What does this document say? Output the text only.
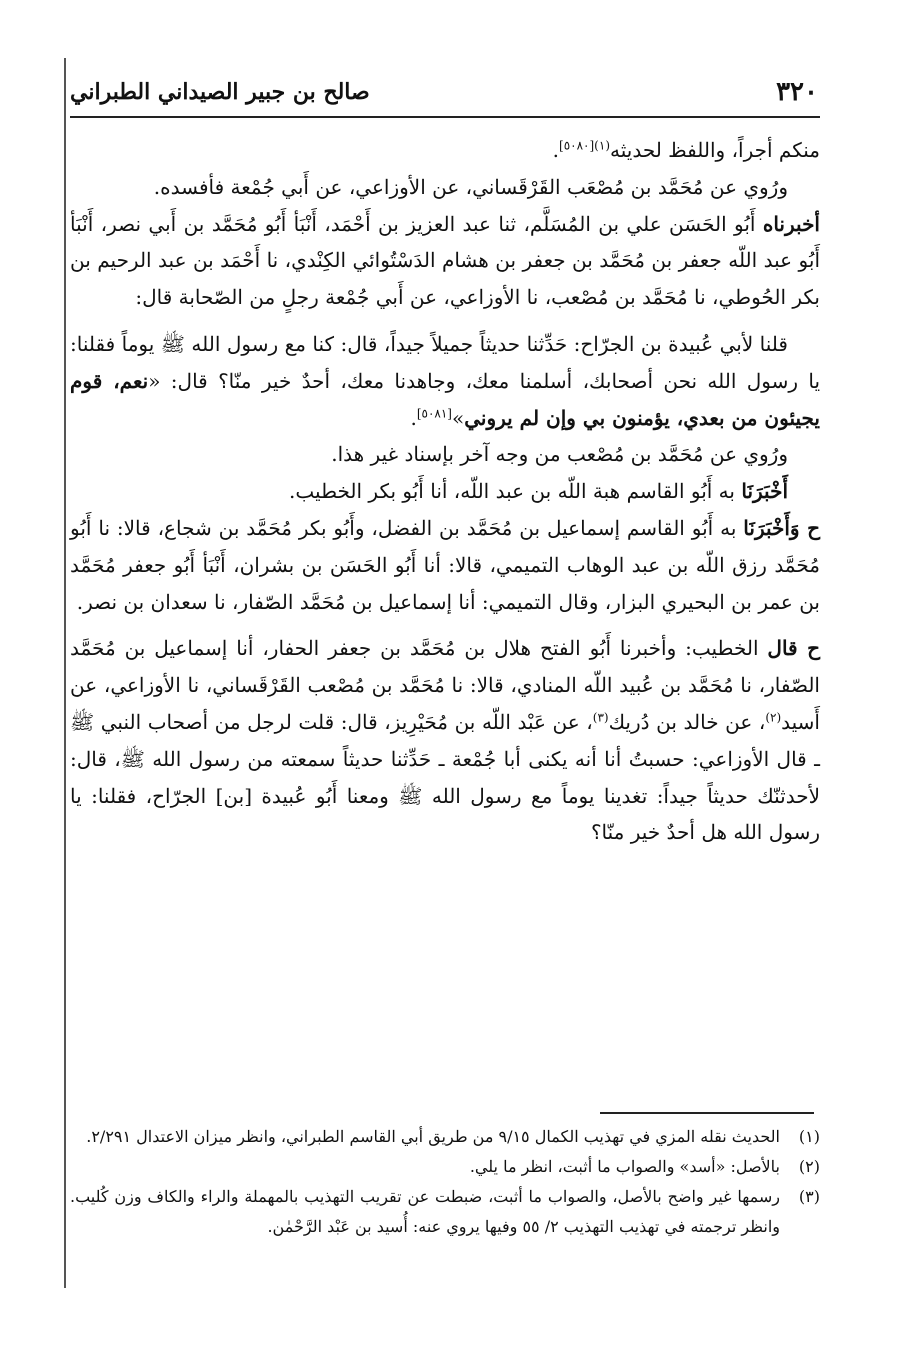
٣٢٠
صالح بن جبير الصيداني الطبراني

منكم أجراً، واللفظ لحديثه$^{(١)[٥٠٨٠]}$.

ورُوي عن مُحَمَّد بن مُصْعَب القَرْقَساني، عن الأوزاعي، عن أَبي جُمْعة فأفسده.

أخبرناه أَبُو الحَسَن علي بن المُسَلَّم، ثنا عبد العزيز بن أَحْمَد، أَنْبَأ أَبُو مُحَمَّد بن أَبي نصر، أَنْبَأ أَبُو عبد اللّه جعفر بن مُحَمَّد بن جعفر بن هشام الدَسْتُوائي الكِنْدي، نا أَحْمَد بن عبد الرحيم بن بكر الحُوطي، نا مُحَمَّد بن مُصْعب، نا الأوزاعي، عن أَبي جُمْعة رجلٍ من الصّحابة قال:

قلنا لأبي عُبيدة بن الجرّاح: حَدِّثنا حديثاً جميلاً جيداً، قال: كنا مع رسول الله ﷺ يوماً فقلنا: يا رسول الله نحن أصحابك، أسلمنا معك، وجاهدنا معك، أحدٌ خير منّا؟ قال: «نعم، قوم يجيئون من بعدي، يؤمنون بي وإن لم يروني»[٥٠٨١].

ورُوي عن مُحَمَّد بن مُصْعب من وجه آخر بإسناد غير هذا.

أَخْبَرَنَا به أَبُو القاسم هبة اللّه بن عبد اللّه، أنا أَبُو بكر الخطيب.

ح وَأَخْبَرَنَا به أَبُو القاسم إسماعيل بن مُحَمَّد بن الفضل، وأَبُو بكر مُحَمَّد بن شجاع، قالا: نا أَبُو مُحَمَّد رزق اللّه بن عبد الوهاب التميمي، قالا: أنا أَبُو الحَسَن بن بشران، أَنْبَأ أَبُو جعفر مُحَمَّد بن عمر بن البحيري البزار، وقال التميمي: أنا إسماعيل بن مُحَمَّد الصّفار، نا سعدان بن نصر.

ح قال الخطيب: وأخبرنا أَبُو الفتح هلال بن مُحَمَّد بن جعفر الحفار، أنا إسماعيل بن مُحَمَّد الصّفار، نا مُحَمَّد بن عُبيد اللّه المنادي، قالا: نا مُحَمَّد بن مُصْعب القَرْقَساني، نا الأوزاعي، عن أَسيد$^{(٢)}$، عن خالد بن دُريك$^{(٣)}$، عن عَبْد اللّه بن مُحَيْرِيز، قال: قلت لرجل من أصحاب النبي ﷺ ـ قال الأوزاعي: حسبتُ أنا أنه يكنى أبا جُمْعة ـ حَدِّثنا حديثاً سمعته من رسول الله ﷺ، قال: لأحدثنّك حديثاً جيداً: تغدينا يوماً مع رسول الله ﷺ ومعنا أَبُو عُبيدة [بن] الجرّاح، فقلنا: يا رسول الله هل أحدٌ خير منّا؟

(١)
الحديث نقله المزي في تهذيب الكمال ٩/١٥ من طريق أبي القاسم الطبراني، وانظر ميزان الاعتدال ٢/٢٩١.
(٢)
بالأصل: «أسد» والصواب ما أثبت، انظر ما يلي.
(٣)
رسمها غير واضح بالأصل، والصواب ما أثبت، ضبطت عن تقريب التهذيب بالمهملة والراء والكاف وزن كُليب. وانظر ترجمته في تهذيب التهذيب ٢/ ٥٥ وفيها يروي عنه: أُسيد بن عَبْد الرَّحْمٰن.
